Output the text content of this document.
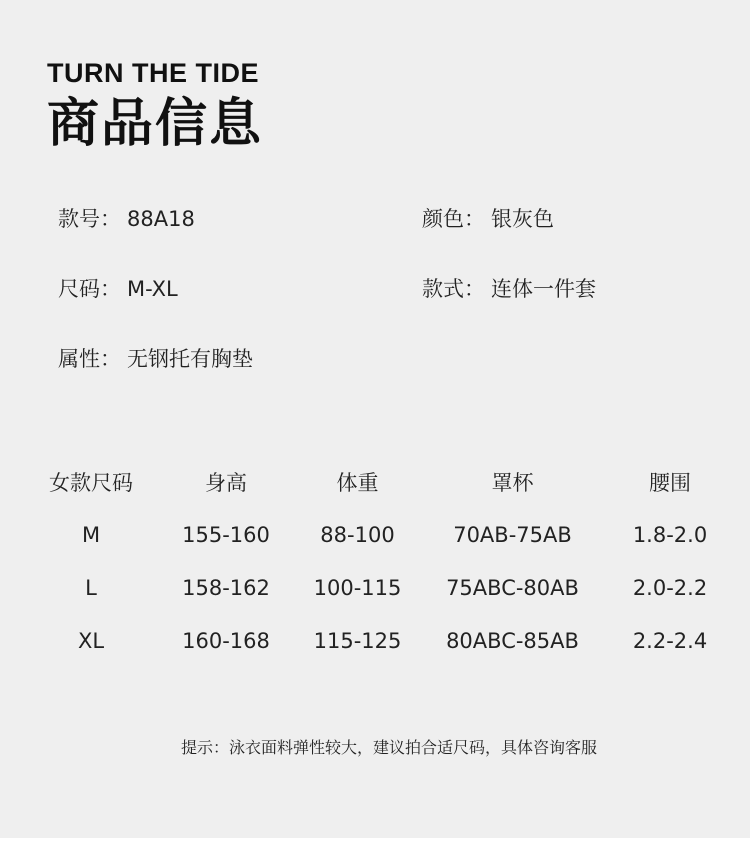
TURN THE TIDE
商品信息
款号： 88A18	颜色： 银灰色
尺码： M-XL	款式： 连体一件套
属性： 无钢托有胸垫
女款尺码	身高	体重	罩杯	腰围
M	155-160	88-100	70AB-75AB	1.8-2.0
L	158-162	100-115	75ABC-80AB	2.0-2.2
XL	160-168	115-125	80ABC-85AB	2.2-2.4
提示：泳衣面料弹性较大，建议拍合适尺码，具体咨询客服
